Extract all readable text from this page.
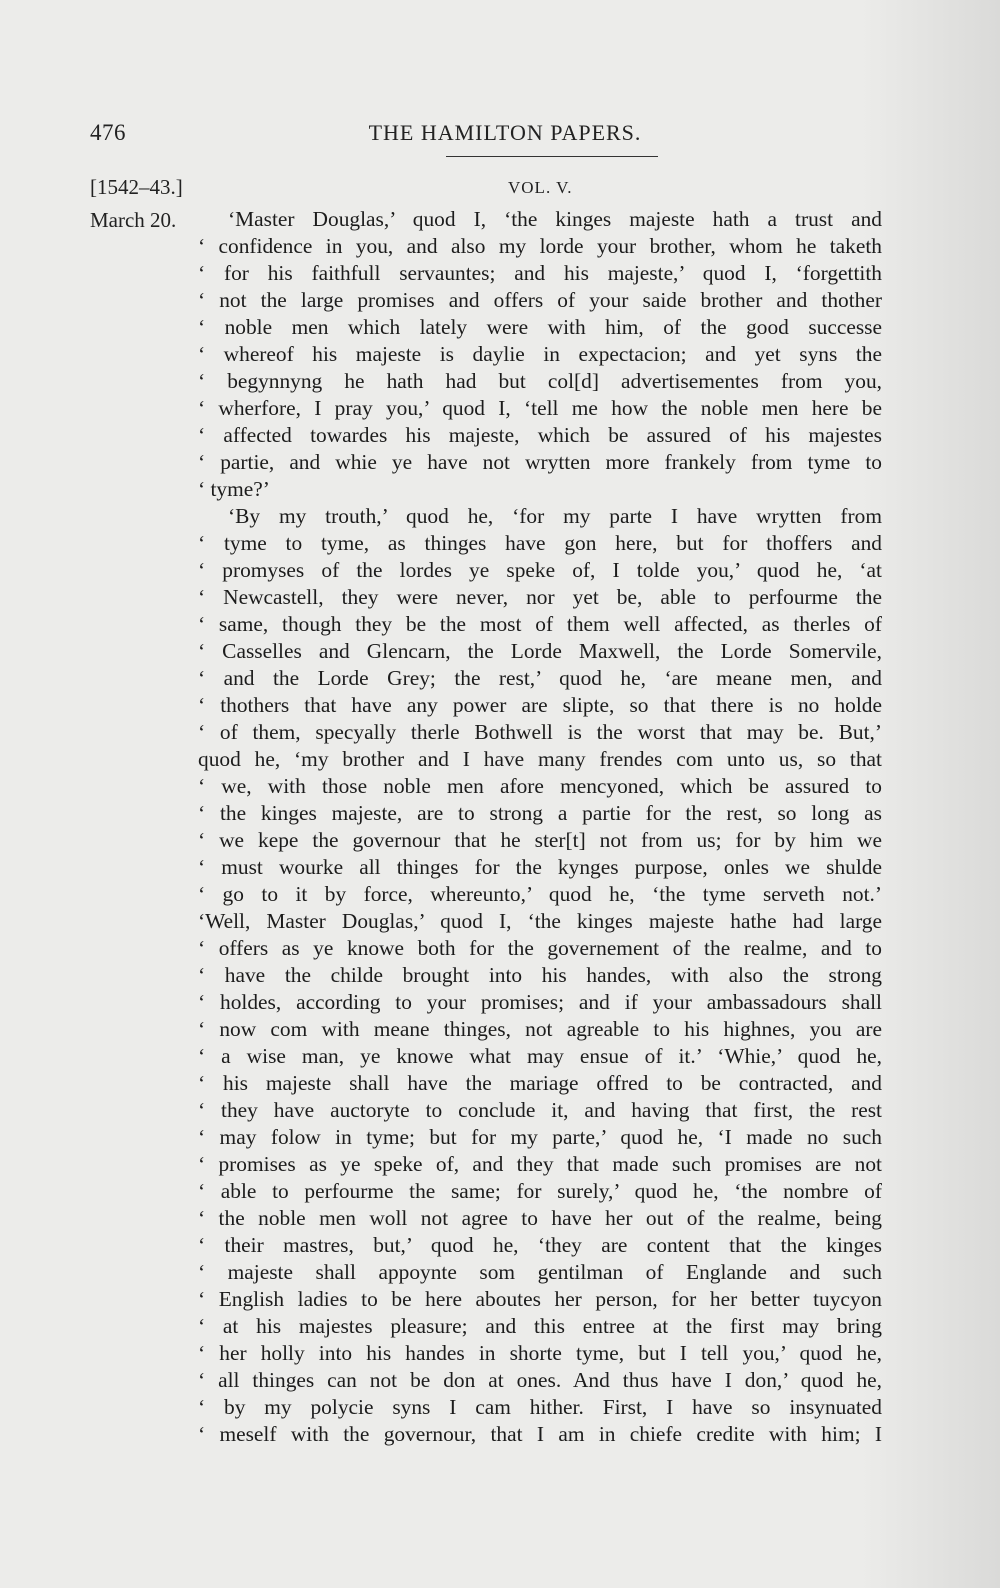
476	THE HAMILTON PAPERS.
[1542–43.]	VOL. V.
March 20.	‘Master Douglas,’ quod I, ‘the kinges majeste hath a trust and
‘ confidence in you, and also my lorde your brother, whom he taketh
‘ for his faithfull servauntes; and his majeste,’ quod I, ‘forgettith
‘ not the large promises and offers of your saide brother and thother
‘ noble men which lately were with him, of the good successe
‘ whereof his majeste is daylie in expectacion; and yet syns the
‘ begynnyng he hath had but col[d] advertisementes from you,
‘ wherfore, I pray you,’ quod I, ‘tell me how the noble men here be
‘ affected towardes his majeste, which be assured of his majestes
‘ partie, and whie ye have not wrytten more frankely from tyme to
‘ tyme?’
‘By my trouth,’ quod he, ‘for my parte I have wrytten from
‘ tyme to tyme, as thinges have gon here, but for thoffers and
‘ promyses of the lordes ye speke of, I tolde you,’ quod he, ‘at
‘ Newcastell, they were never, nor yet be, able to perfourme the
‘ same, though they be the most of them well affected, as therles of
‘ Casselles and Glencarn, the Lorde Maxwell, the Lorde Somervile,
‘ and the Lorde Grey; the rest,’ quod he, ‘are meane men, and
‘ thothers that have any power are slipte, so that there is no holde
‘ of them, specyally therle Bothwell is the worst that may be. But,’
quod he, ‘my brother and I have many frendes com unto us, so that
‘ we, with those noble men afore mencyoned, which be assured to
‘ the kinges majeste, are to strong a partie for the rest, so long as
‘ we kepe the governour that he ster[t] not from us; for by him we
‘ must wourke all thinges for the kynges purpose, onles we shulde
‘ go to it by force, whereunto,’ quod he, ‘the tyme serveth not.’
‘Well, Master Douglas,’ quod I, ‘the kinges majeste hathe had large
‘ offers as ye knowe both for the governement of the realme, and to
‘ have the childe brought into his handes, with also the strong
‘ holdes, according to your promises; and if your ambassadours shall
‘ now com with meane thinges, not agreable to his highnes, you are
‘ a wise man, ye knowe what may ensue of it.’ ‘Whie,’ quod he,
‘ his majeste shall have the mariage offred to be contracted, and
‘ they have auctoryte to conclude it, and having that first, the rest
‘ may folow in tyme; but for my parte,’ quod he, ‘I made no such
‘ promises as ye speke of, and they that made such promises are not
‘ able to perfourme the same; for surely,’ quod he, ‘the nombre of
‘ the noble men woll not agree to have her out of the realme, being
‘ their mastres, but,’ quod he, ‘they are content that the kinges
‘ majeste shall appoynte som gentilman of Englande and such
‘ English ladies to be here aboutes her person, for her better tuycyon
‘ at his majestes pleasure; and this entree at the first may bring
‘ her holly into his handes in shorte tyme, but I tell you,’ quod he,
‘ all thinges can not be don at ones. And thus have I don,’ quod he,
‘ by my polycie syns I cam hither. First, I have so insynuated
‘ meself with the governour, that I am in chiefe credite with him; I
